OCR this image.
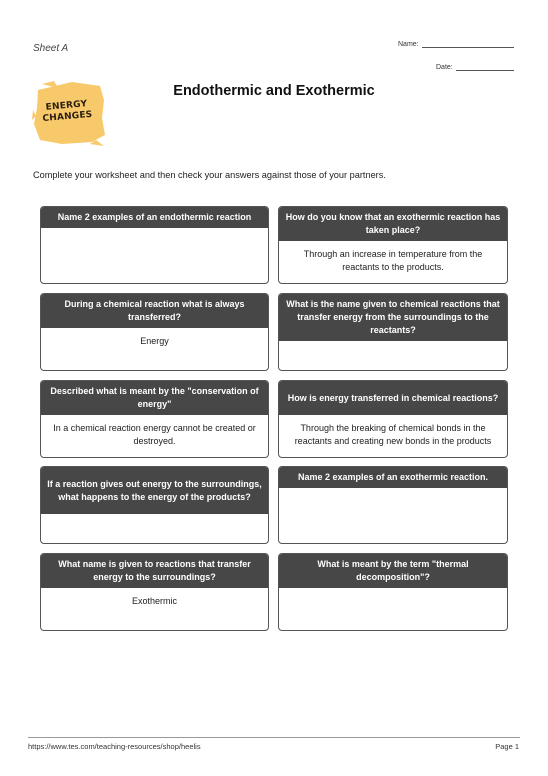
Sheet A	Name:
Date:
ENERGY
CHANGES
Endothermic and Exothermic
Complete your worksheet and then check your answers against those of your partners.
Name 2 examples of an endothermic reaction	How do you know that an exothermic reaction has taken place?
Through an increase in temperature from the reactants to the products.
During a chemical reaction what is always transferred?
Energy
What is the name given to chemical reactions that transfer energy from the surroundings to the reactants?
Described what is meant by the "conservation of energy"
In a chemical reaction energy cannot be created or destroyed.
How is energy transferred in chemical reactions?
Through the breaking of chemical bonds in the reactants and creating new bonds in the products
If a reaction gives out energy to the surroundings, what happens to the energy of the products?
Name 2 examples of an exothermic reaction.
What name is given to reactions that transfer energy to the surroundings?
Exothermic
What is meant by the term "thermal decomposition"?
https://www.tes.com/teaching-resources/shop/heelis	Page 1
